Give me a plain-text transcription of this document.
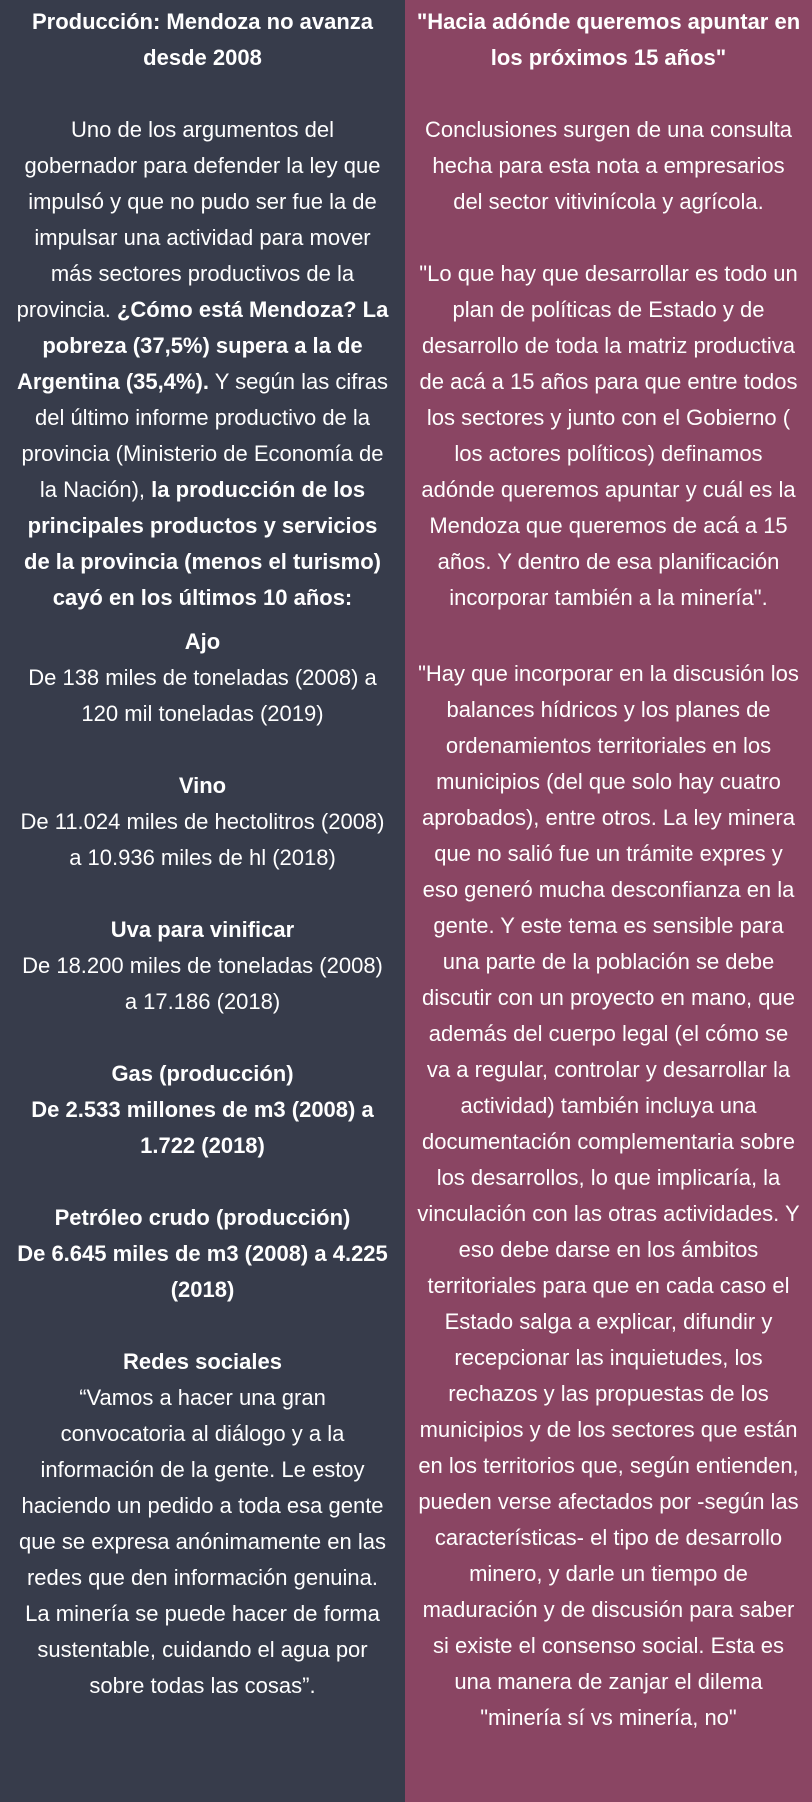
Producción: Mendoza no avanza desde 2008

Uno de los argumentos del gobernador para defender la ley que impulsó y que no pudo ser fue la de impulsar una actividad para mover más sectores productivos de la provincia. ¿Cómo está Mendoza? La pobreza (37,5%) supera a la de Argentina (35,4%). Y según las cifras del último informe productivo de la provincia (Ministerio de Economía de la Nación), la producción de los principales productos y servicios de la provincia (menos el turismo) cayó en los últimos 10 años:

Ajo

De 138 miles de toneladas (2008) a 120 mil toneladas (2019)

Vino

De 11.024 miles de hectolitros (2008) a 10.936 miles de hl (2018)

Uva para vinificar

De 18.200 miles de toneladas (2008) a 17.186 (2018)

Gas (producción)

De 2.533 millones de m3 (2008) a 1.722 (2018)

Petróleo crudo (producción)

De 6.645 miles de m3 (2008) a 4.225 (2018)

Redes sociales

“Vamos a hacer una gran convocatoria al diálogo y a la información de la gente. Le estoy haciendo un pedido a toda esa gente que se expresa anónimamente en las redes que den información genuina. La minería se puede hacer de forma sustentable, cuidando el agua por sobre todas las cosas”.

"Hacia adónde queremos apuntar en los próximos 15 años"

Conclusiones surgen de una consulta hecha para esta nota a empresarios del sector vitivinícola y agrícola.

"Lo que hay que desarrollar es todo un plan de políticas de Estado y de desarrollo de toda la matriz productiva de acá a 15 años para que entre todos los sectores y junto con el Gobierno ( los actores políticos) definamos adónde queremos apuntar y cuál es la Mendoza que queremos de acá a 15 años. Y dentro de esa planificación incorporar también a la minería".

"Hay que incorporar en la discusión los balances hídricos y los planes de ordenamientos territoriales en los municipios (del que solo hay cuatro aprobados), entre otros. La ley minera que no salió fue un trámite expres y eso generó mucha desconfianza en la gente. Y este tema es sensible para una parte de la población se debe discutir con un proyecto en mano, que además del cuerpo legal (el cómo se va a regular, controlar y desarrollar la actividad) también incluya una documentación complementaria sobre los desarrollos, lo que implicaría, la vinculación con las otras actividades. Y eso debe darse en los ámbitos territoriales para que en cada caso el Estado salga a explicar, difundir y recepcionar las inquietudes, los rechazos y las propuestas de los municipios y de los sectores que están en los territorios que, según entienden, pueden verse afectados por -según las características- el tipo de desarrollo minero, y darle un tiempo de maduración y de discusión para saber si existe el consenso social. Esta es una manera de zanjar el dilema "minería sí vs minería, no"
